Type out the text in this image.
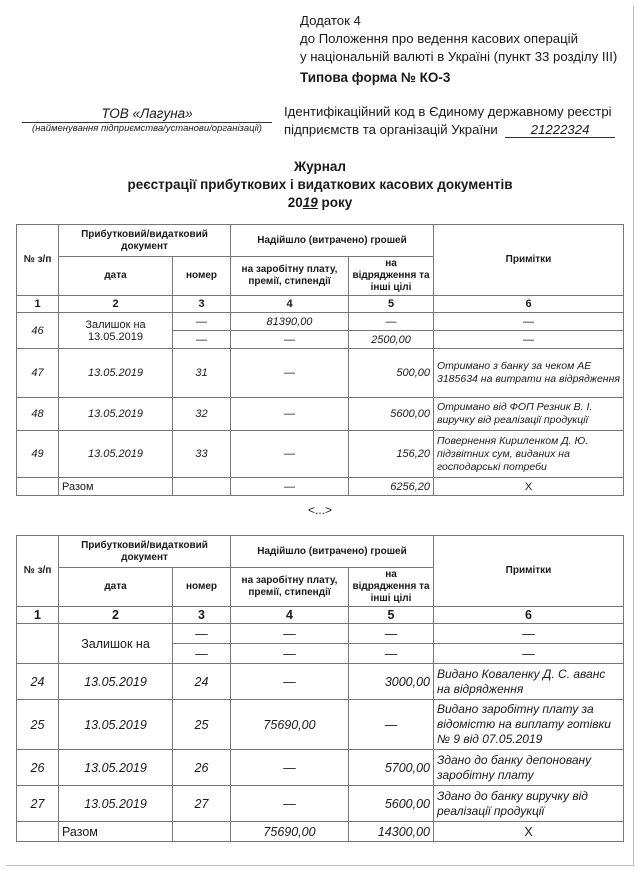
Додаток 4
до Положення про ведення касових операцій
у національній валюті в Україні (пункт 33 розділу ІІІ)
Типова форма № КО-3
ТОВ «Лагуна»
(найменування підприємства/установи/організації)
Ідентифікаційний код в Єдиному державному реєстрі
підприємств та організацій України 21222324
Журнал
реєстрації прибуткових і видаткових касових документів
2019 року
№ з/п	Прибутковий/видатковий документ		Надійшло (витрачено) грошей		Примітки
	дата	номер	на заробітну плату, премії, стипендії	на відрядження та інші цілі	
1	2	3	4	5	6
46	Залишок на 13.05.2019	—	81390,00	—	—
		—	—	2500,00	—
47	13.05.2019	31	—	500,00	Отримано з банку за чеком АЕ 3185634 на витрати на відрядження
48	13.05.2019	32	—	5600,00	Отримано від ФОП Резник В. І. виручку від реалізації продукції
49	13.05.2019	33	—	156,20	Повернення Кириленком Д. Ю. підзвітних сум, виданих на господарські потреби
	Разом		—	6256,20	Х
<...>
№ з/п	Прибутковий/видатковий документ		Надійшло (витрачено) грошей		Примітки
	дата	номер	на заробітну плату, премії, стипендії	на відрядження та інші цілі	
1	2	3	4	5	6
	Залишок на	—	—	—	—
		—	—	—	—
24	13.05.2019	24	—	3000,00	Видано Коваленку Д. С. аванс на відрядження
25	13.05.2019	25	75690,00	—	Видано заробітну плату за відомістю на виплату готівки № 9 від 07.05.2019
26	13.05.2019	26	—	5700,00	Здано до банку депоновану заробітну плату
27	13.05.2019	27	—	5600,00	Здано до банку виручку від реалізації продукції
	Разом		75690,00	14300,00	Х
